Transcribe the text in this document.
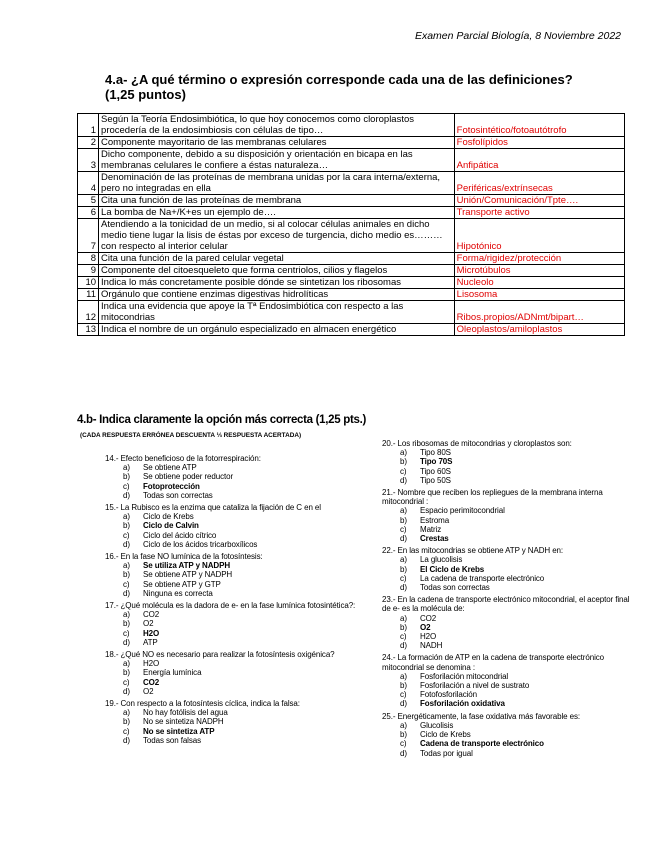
Examen Parcial Biología, 8 Noviembre 2022
4.a- ¿A qué término o expresión corresponde cada una de las definiciones? (1,25 puntos)
1	Según la Teoría Endosimbiótica, lo que hoy conocemos como cloroplastos procedería de la endosimbiosis con células de tipo…	Fotosintético/fotoautótrofo
2	Componente mayoritario de las membranas celulares	Fosfolípidos
3	Dicho componente, debido a su disposición y orientación en bicapa en las membranas celulares le confiere a éstas naturaleza…	Anfipática
4	Denominación de las proteínas de membrana unidas por la cara interna/externa, pero no integradas en ella	Periféricas/extrínsecas
5	Cita una función de las proteínas de membrana	Unión/Comunicación/Tpte….
6	La bomba de Na+/K+es un ejemplo de….	Transporte activo
7	Atendiendo a la tonicidad de un medio, si al colocar células animales en dicho medio tiene lugar la lisis de éstas por exceso de turgencia, dicho medio es………con respecto al interior celular	Hipotónico
8	Cita una función de la pared celular vegetal	Forma/rigidez/protección
9	Componente del citoesqueleto que forma centriolos, cilios y flagelos	Microtúbulos
10	Indica lo más concretamente posible dónde se sintetizan los ribosomas	Nucleolo
11	Orgánulo que contiene enzimas digestivas hidrolíticas	Lisosoma
12	Indica una evidencia que apoye la Tª Endosimbiótica con respecto a las mitocondrias	Ribos.propios/ADNmt/bipart…
13	Indica el nombre de un orgánulo especializado en almacen energético	Oleoplastos/amiloplastos
4.b- Indica claramente la opción más correcta (1,25 pts.)
(CADA RESPUESTA ERRÓNEA DESCUENTA ⅓ RESPUESTA ACERTADA)
14.- Efecto beneficioso de la fotorrespiración:
a) Se obtiene ATP
b) Se obtiene poder reductor
c) Fotoprotección
d) Todas son correctas
15.- La Rubisco es la enzima que cataliza la fijación de C en el
a) Ciclo de Krebs
b) Ciclo de Calvin
c) Ciclo del ácido cítrico
d) Ciclo de los ácidos tricarboxílicos
16.- En la fase NO lumínica de la fotosíntesis:
a) Se utiliza ATP y NADPH
b) Se obtiene ATP y NADPH
c) Se obtiene ATP y GTP
d) Ninguna es correcta
17.- ¿Qué molécula es la dadora de e- en la fase lumínica fotosintética?:
a) CO2
b) O2
c) H2O
d) ATP
18.- ¿Qué NO es necesario para realizar la fotosíntesis oxigénica?
a) H2O
b) Energía lumínica
c) CO2
d) O2
19.- Con respecto a la fotosíntesis cíclica, indica la falsa:
a) No hay fotólisis del agua
b) No se sintetiza NADPH
c) No se sintetiza ATP
d) Todas son falsas
20.- Los ribosomas de mitocondrias y cloroplastos son:
a) Tipo 80S
b) Tipo 70S
c) Tipo 60S
d) Tipo 50S
21.- Nombre que reciben los repliegues de la membrana interna mitocondrial :
a) Espacio perimitocondrial
b) Estroma
c) Matriz
d) Crestas
22.- En las mitocondrias se obtiene ATP y NADH en:
a) La glucolisis
b) El Ciclo de Krebs
c) La cadena de transporte electrónico
d) Todas son correctas
23.- En la cadena de transporte electrónico mitocondrial, el aceptor final de e- es la molécula de:
a) CO2
b) O2
c) H2O
d) NADH
24.- La formación de ATP en la cadena de transporte electrónico mitocondrial se denomina :
a) Fosforilación mitocondrial
b) Fosforilación a nivel de sustrato
c) Fotofosforilación
d) Fosforilación oxidativa
25.- Energéticamente, la fase oxidativa más favorable es:
a) Glucolisis
b) Ciclo de Krebs
c) Cadena de transporte electrónico
d) Todas por igual
